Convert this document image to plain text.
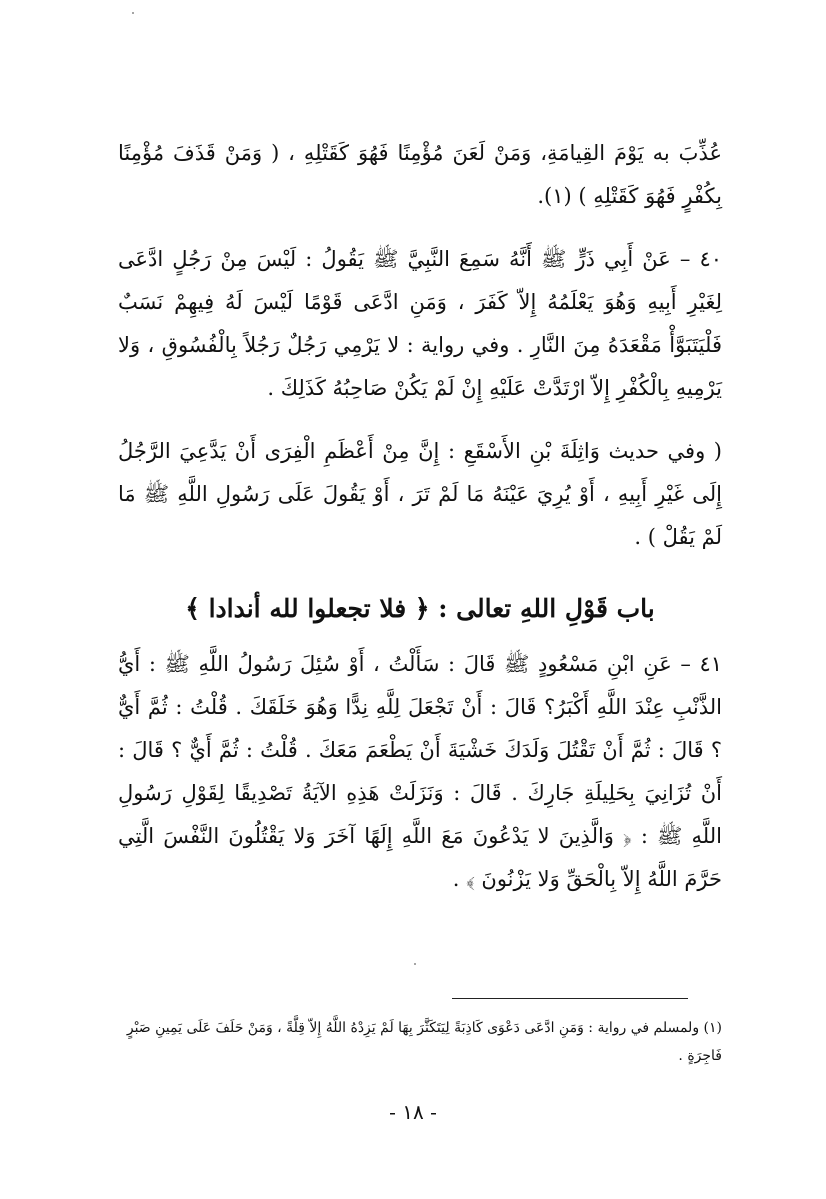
عُذِّبَ به يَوْمَ القِيامَةِ، وَمَنْ لَعَنَ مُؤْمِنًا فَهُوَ كَقَتْلِهِ ، ( وَمَنْ قَذَفَ مُؤْمِنًا بِكُفْرٍ فَهُوَ كَقَتْلِهِ ) (١).

٤٠ – عَنْ أَبِي ذَرٍّ ﷺ أَنَّهُ سَمِعَ النَّبِيَّ ﷺ يَقُولُ : لَيْسَ مِنْ رَجُلٍ ادَّعَى لِغَيْرِ أَبِيهِ وَهُوَ يَعْلَمُهُ إِلاّ كَفَرَ ، وَمَنِ ادَّعَى قَوْمًا لَيْسَ لَهُ فِيهِمْ نَسَبٌ فَلْيَتَبَوَّأْ مَقْعَدَهُ مِنَ النَّارِ . وفي رواية : لا يَرْمِي رَجُلٌ رَجُلاً بِالْفُسُوقِ ، وَلا يَرْمِيهِ بِالْكُفْرِ إِلاّ ارْتَدَّتْ عَلَيْهِ إِنْ لَمْ يَكُنْ صَاحِبُهُ كَذَلِكَ .

( وفي حديث وَاثِلَةَ بْنِ الأَسْقَعِ : إِنَّ مِنْ أَعْظَمِ الْفِرَى أَنْ يَدَّعِيَ الرَّجُلُ إِلَى غَيْرِ أَبِيهِ ، أَوْ يُرِيَ عَيْنَهُ مَا لَمْ تَرَ ، أَوْ يَقُولَ عَلَى رَسُولِ اللَّهِ ﷺ مَا لَمْ يَقُلْ ) .

باب قَوْلِ اللهِ تعالى : ﴿ فلا تجعلوا لله أندادا ﴾

٤١ – عَنِ ابْنِ مَسْعُودٍ ﷺ قَالَ : سَأَلْتُ ، أَوْ سُئِلَ رَسُولُ اللَّهِ ﷺ : أَيُّ الذَّنْبِ عِنْدَ اللَّهِ أَكْبَرُ؟ قَالَ : أَنْ تَجْعَلَ لِلَّهِ نِدًّا وَهُوَ خَلَقَكَ . قُلْتُ : ثُمَّ أَيٌّ ؟ قَالَ : ثُمَّ أَنْ تَقْتُلَ وَلَدَكَ خَشْيَةَ أَنْ يَطْعَمَ مَعَكَ . قُلْتُ : ثُمَّ أَيٌّ ؟ قَالَ : أَنْ تُزَانِيَ بِحَلِيلَةِ جَارِكَ . قَالَ : وَنَزَلَتْ هَذِهِ الآيَةُ تَصْدِيقًا لِقَوْلِ رَسُولِ اللَّهِ ﷺ : ﴿ وَالَّذِينَ لا يَدْعُونَ مَعَ اللَّهِ إِلَهًا آخَرَ وَلا يَقْتُلُونَ النَّفْسَ الَّتِي حَرَّمَ اللَّهُ إِلاّ بِالْحَقِّ وَلا يَزْنُونَ ﴾ .

(١) ولمسلم في رواية : وَمَنِ ادَّعَى دَعْوَى كَاذِبَةً لِيَتَكَثَّرَ بِهَا لَمْ يَزِدْهُ اللَّهُ إِلاّ قِلَّةً ، وَمَنْ حَلَفَ عَلَى يَمِينِ صَبْرٍ فَاجِرَةٍ .
- ١٨ -
